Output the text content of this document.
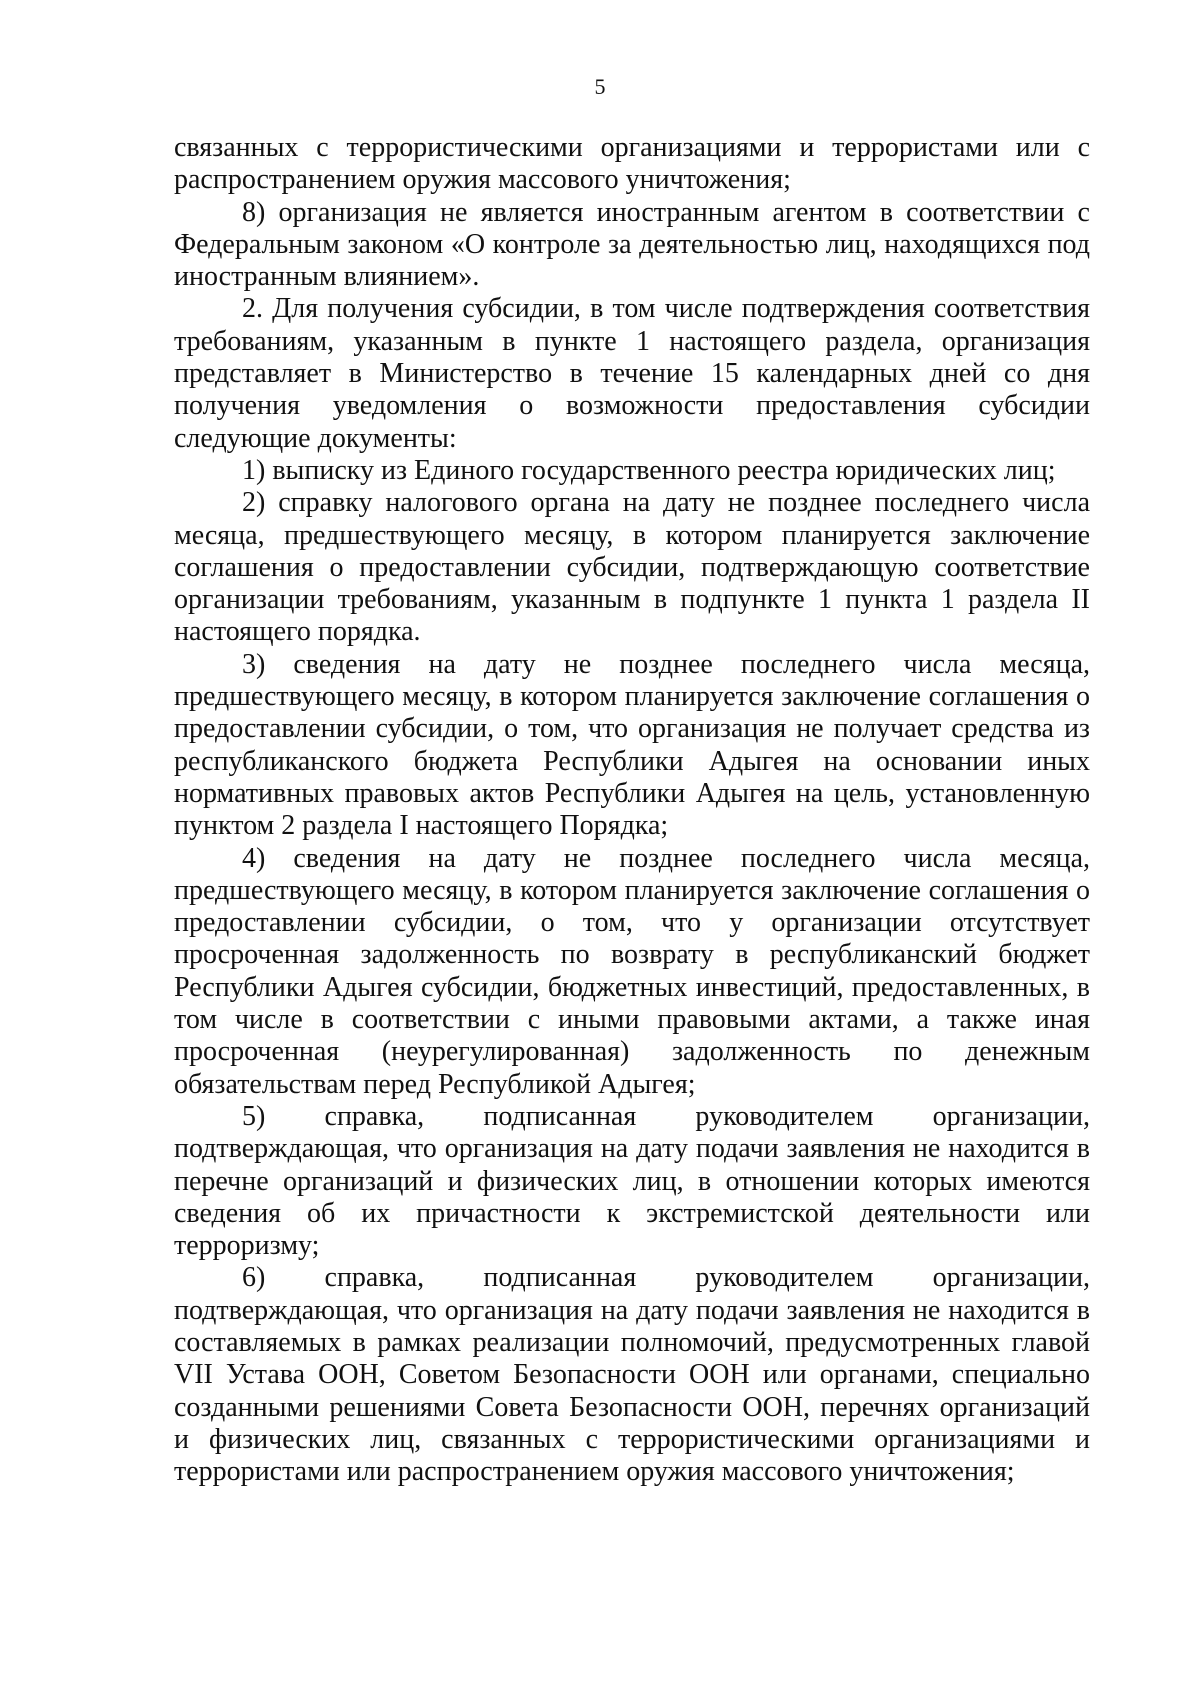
5

связанных с террористическими организациями и террористами или с распространением оружия массового уничтожения;

8) организация не является иностранным агентом в соответствии с Федеральным законом «О контроле за деятельностью лиц, находящихся под иностранным влиянием».

2. Для получения субсидии, в том числе подтверждения соответствия требованиям, указанным в пункте 1 настоящего раздела, организация представляет в Министерство в течение 15 календарных дней со дня получения уведомления о возможности предоставления субсидии следующие документы:

1) выписку из Единого государственного реестра юридических лиц;

2) справку налогового органа на дату не позднее последнего числа месяца, предшествующего месяцу, в котором планируется заключение соглашения о предоставлении субсидии, подтверждающую соответствие организации требованиям, указанным в подпункте 1 пункта 1 раздела II настоящего порядка.

3) сведения на дату не позднее последнего числа месяца, предшествующего месяцу, в котором планируется заключение соглашения о предоставлении субсидии, о том, что организация не получает средства из республиканского бюджета Республики Адыгея на основании иных нормативных правовых актов Республики Адыгея на цель, установленную пунктом 2 раздела I настоящего Порядка;

4) сведения на дату не позднее последнего числа месяца, предшествующего месяцу, в котором планируется заключение соглашения о предоставлении субсидии, о том, что у организации отсутствует просроченная задолженность по возврату в республиканский бюджет Республики Адыгея субсидии, бюджетных инвестиций, предоставленных, в том числе в соответствии с иными правовыми актами, а также иная просроченная (неурегулированная) задолженность по денежным обязательствам перед Республикой Адыгея;

5) справка, подписанная руководителем организации, подтверждающая, что организация на дату подачи заявления не находится в перечне организаций и физических лиц, в отношении которых имеются сведения об их причастности к экстремистской деятельности или терроризму;

6) справка, подписанная руководителем организации, подтверждающая, что организация на дату подачи заявления не находится в составляемых в рамках реализации полномочий, предусмотренных главой VII Устава ООН, Советом Безопасности ООН или органами, специально созданными решениями Совета Безопасности ООН, перечнях организаций и физических лиц, связанных с террористическими организациями и террористами или распространением оружия массового уничтожения;
